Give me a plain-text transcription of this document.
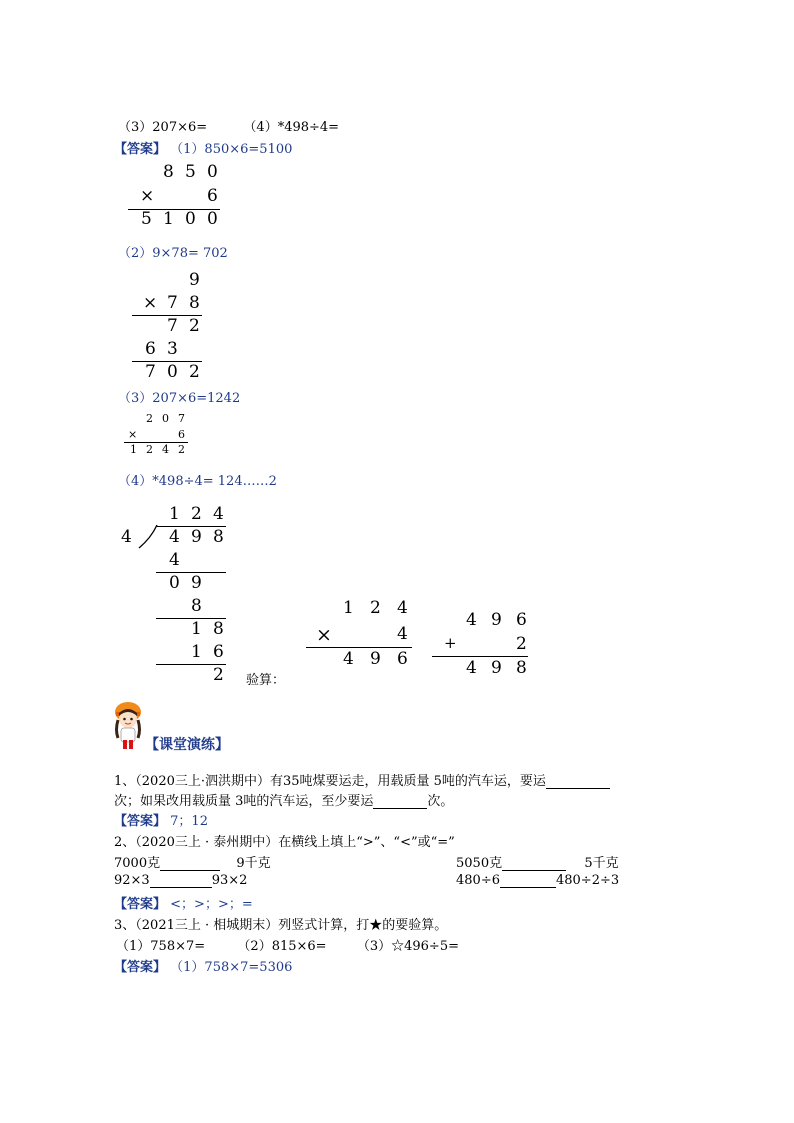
（3）207×6=	（4）*498÷4=
【答案】 （1）850×6=5100
8 5 0
×	6
5 1 0 0
（2）9×78= 702
9
× 7 8
7 2
6 3
7 0 2
（3）207×6=1242
2 0 7
×	6
1 2 4 2
（4）*498÷4= 124……2
1 2 4
4 4 9 8
4
0 9
8
1 8
1 6
2 验算：
1 2 4
×	4
4 9 6
4 9 6
+	2
4 9 8
【课堂演练】
1、（2020三上·泗洪期中）有35吨煤要运走，用载质量 5吨的汽车运，要运
次；如果改用载质量 3吨的汽车运，至少要运	次。
【答案】 7；12
2、（2020三上 · 泰州期中）在横线上填上“>”、“<”或“=”
7000克	9千克	5050克	5千克
92×3	93×2	480÷6	480÷2÷3
【答案】 <；>；>；=
3、（2021三上 · 相城期末）列竖式计算，打★的要验算。
（1）758×7= （2）815×6= （3）☆496÷5=
【答案】 （1）758×7=5306
